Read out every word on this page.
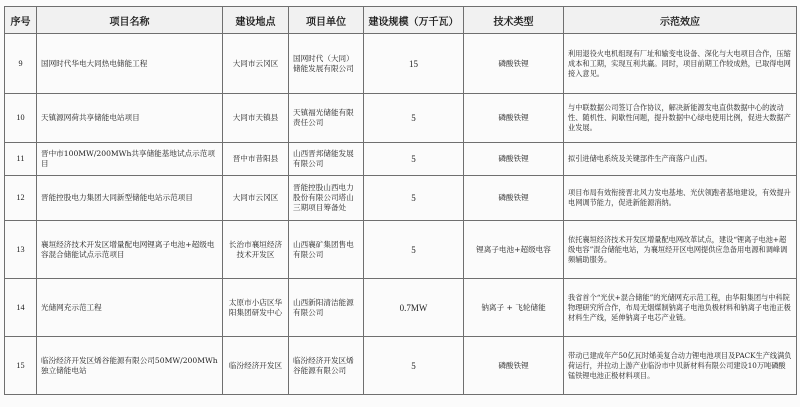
序号	项目名称	建设地点	项目单位	建设规模（万千瓦）	技术类型	示范效应
9	国网时代华电大同热电储能工程	大同市云冈区	国网时代（大同）储能发展有限公司	15	磷酸铁锂	利用退役火电机组现有厂址和输变电设备、深化与大电项目合作，压缩成本和工期，实现互利共赢。同时，项目前期工作较成熟，已取得电网接入意见。
10	天镇源网荷共享储能电站项目	大同市天镇县	天镇福光储能有限责任公司	5	磷酸铁锂	与中联数据公司签订合作协议，解决新能源发电直供数据中心的波动性、随机性、间歇性问题，提升数据中心绿电使用比例，促进大数据产业发展。
11	晋中市100MW/200MWh共享储能基地试点示范项目	晋中市昔阳县	山西晋邦储能发展有限公司	5	磷酸铁锂	拟引进储电系统及关键部件生产商落户山西。
12	晋能控股电力集团大同新型储能电站示范项目	大同市云冈区	晋能控股山西电力股份有限公司塔山三期项目筹备处	5	磷酸铁锂	项目布局有效衔接晋北风力发电基地、光伏领跑者基地建设，有效提升电网调节能力，促进新能源消纳。
13	襄垣经济技术开发区增量配电网锂离子电池+超级电容混合储能试点示范项目	长治市襄垣经济技术开发区	山西襄矿集团售电有限公司	5	锂离子电池+超级电容	依托襄垣经济技术开发区增量配电网改革试点，建设“锂离子电池+超级电容”混合储能电站，为襄垣经开区电网提供应急备用电源和调峰调频辅助服务。
14	光储网充示范工程	太原市小店区华阳集团研发中心	山西新阳清洁能源有限公司	0.7MW	钠离子 + 飞轮储能	我省首个“光伏+混合储能”的光储网充示范工程，由华阳集团与中科院物理研究所合作，布局无烟煤制钠离子电池负极材料和钠离子电池正极材料生产线，延伸钠离子电芯产业链。
15	临汾经济开发区烯谷能源有限公司50MW/200MWh独立储能电站	临汾经济开发区	临汾经济开发区烯谷能源有限公司	5	磷酸铁锂	带动已建成年产50亿瓦时烯美复合动力锂电池项目及PACK生产线满负荷运行，并拉动上游产业临汾市中贝新材料有限公司建设10万吨磷酸锰铁锂电池正极材料项目。
